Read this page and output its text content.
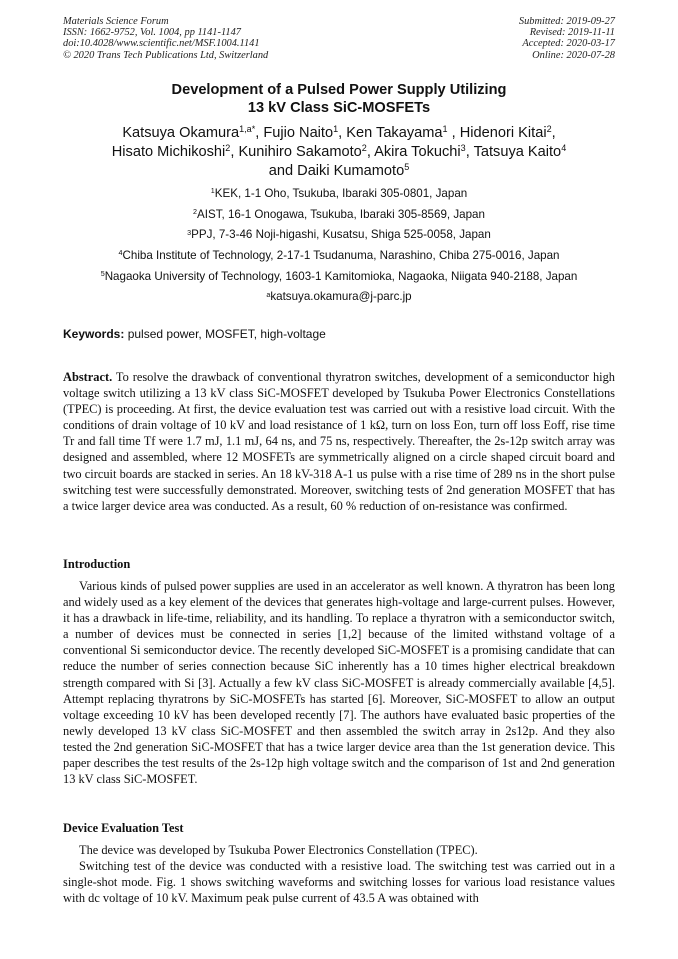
Materials Science Forum
ISSN: 1662-9752, Vol. 1004, pp 1141-1147
doi:10.4028/www.scientific.net/MSF.1004.1141
© 2020 Trans Tech Publications Ltd, Switzerland
Submitted: 2019-09-27
Revised: 2019-11-11
Accepted: 2020-03-17
Online: 2020-07-28
Development of a Pulsed Power Supply Utilizing
13 kV Class SiC-MOSFETs
Katsuya Okamura$^{1,a*}$, Fujio Naito$^1$, Ken Takayama$^1$ , Hidenori Kitai$^2$,
Hisato Michikoshi$^2$, Kunihiro Sakamoto$^2$, Akira Tokuchi$^3$, Tatsuya Kaito$^4$
and Daiki Kumamoto$^5$
$^1$KEK, 1-1 Oho, Tsukuba, Ibaraki 305-0801, Japan
$^2$AIST, 16-1 Onogawa, Tsukuba, Ibaraki 305-8569, Japan
$^3$PPJ, 7-3-46 Noji-higashi, Kusatsu, Shiga 525-0058, Japan
$^4$Chiba Institute of Technology, 2-17-1 Tsudanuma, Narashino, Chiba 275-0016, Japan
$^5$Nagaoka University of Technology, 1603-1 Kamitomioka, Nagaoka, Niigata 940-2188, Japan
$^a$katsuya.okamura@j-parc.jp
Keywords: pulsed power, MOSFET, high-voltage

Abstract. To resolve the drawback of conventional thyratron switches, development of a semiconductor high voltage switch utilizing a 13 kV class SiC-MOSFET developed by Tsukuba Power Electronics Constellations (TPEC) is proceeding. At first, the device evaluation test was carried out with a resistive load circuit. With the conditions of drain voltage of 10 kV and load resistance of 1 kΩ, turn on loss Eon, turn off loss Eoff, rise time Tr and fall time Tf were 1.7 mJ, 1.1 mJ, 64 ns, and 75 ns, respectively. Thereafter, the 2s-12p switch array was designed and assembled, where 12 MOSFETs are symmetrically aligned on a circle shaped circuit board and two circuit boards are stacked in series. An 18 kV-318 A-1 us pulse with a rise time of 289 ns in the short pulse switching test were successfully demonstrated. Moreover, switching tests of 2nd generation MOSFET that has a twice larger device area was conducted. As a result, 60 % reduction of on-resistance was confirmed.

Introduction

Various kinds of pulsed power supplies are used in an accelerator as well known. A thyratron has been long and widely used as a key element of the devices that generates high-voltage and large-current pulses. However, it has a drawback in life-time, reliability, and its handling. To replace a thyratron with a semiconductor switch, a number of devices must be connected in series [1,2] because of the limited withstand voltage of a conventional Si semiconductor device. The recently developed SiC-MOSFET is a promising candidate that can reduce the number of series connection because SiC inherently has a 10 times higher electrical breakdown strength compared with Si [3]. Actually a few kV class SiC-MOSFET is already commercially available [4,5]. Attempt replacing thyratrons by SiC-MOSFETs has started [6]. Moreover, SiC-MOSFET to allow an output voltage exceeding 10 kV has been developed recently [7]. The authors have evaluated basic properties of the newly developed 13 kV class SiC-MOSFET and then assembled the switch array in 2s12p. And they also tested the 2nd generation SiC-MOSFET that has a twice larger device area than the 1st generation device. This paper describes the test results of the 2s-12p high voltage switch and the comparison of 1st and 2nd generation 13 kV class SiC-MOSFET.

Device Evaluation Test

The device was developed by Tsukuba Power Electronics Constellation (TPEC).

Switching test of the device was conducted with a resistive load. The switching test was carried out in a single-shot mode. Fig. 1 shows switching waveforms and switching losses for various load resistance values with dc voltage of 10 kV. Maximum peak pulse current of 43.5 A was obtained with
